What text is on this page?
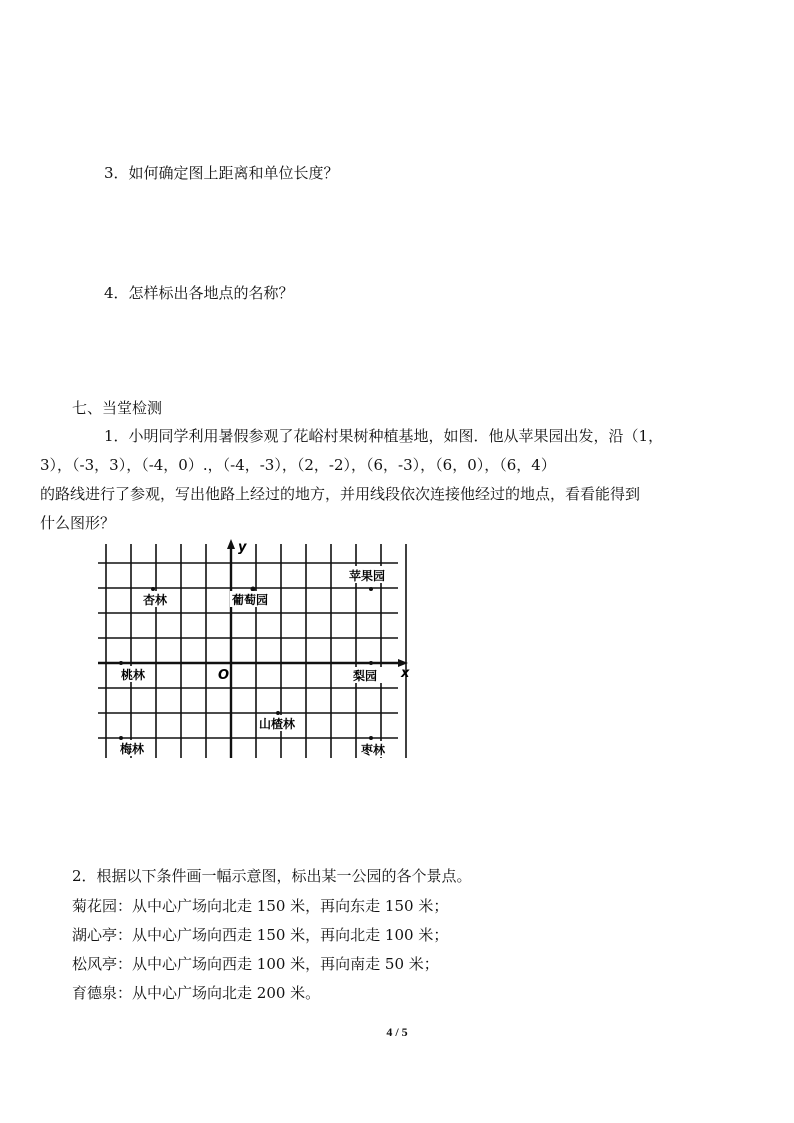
3．如何确定图上距离和单位长度？
4．怎样标出各地点的名称？
七、当堂检测
1．小明同学利用暑假参观了花峪村果树种植基地，如图．他从苹果园出发，沿（1，
3），（-3，3），（-4，0）.，（-4，-3），（2，-2），（6，-3），（6，0），（6，4）
的路线进行了参观，写出他路上经过的地方，并用线段依次连接他经过的地点，看看能得到
什么图形？
y
x
O
苹果园
杏林	葡萄园
桃林	梨园
山楂林
梅林	枣林
2．根据以下条件画一幅示意图，标出某一公园的各个景点。
菊花园：从中心广场向北走 150 米，再向东走 150 米；
湖心亭：从中心广场向西走 150 米，再向北走 100 米；
松风亭：从中心广场向西走 100 米，再向南走 50 米；
育德泉：从中心广场向北走 200 米。
4 / 5
